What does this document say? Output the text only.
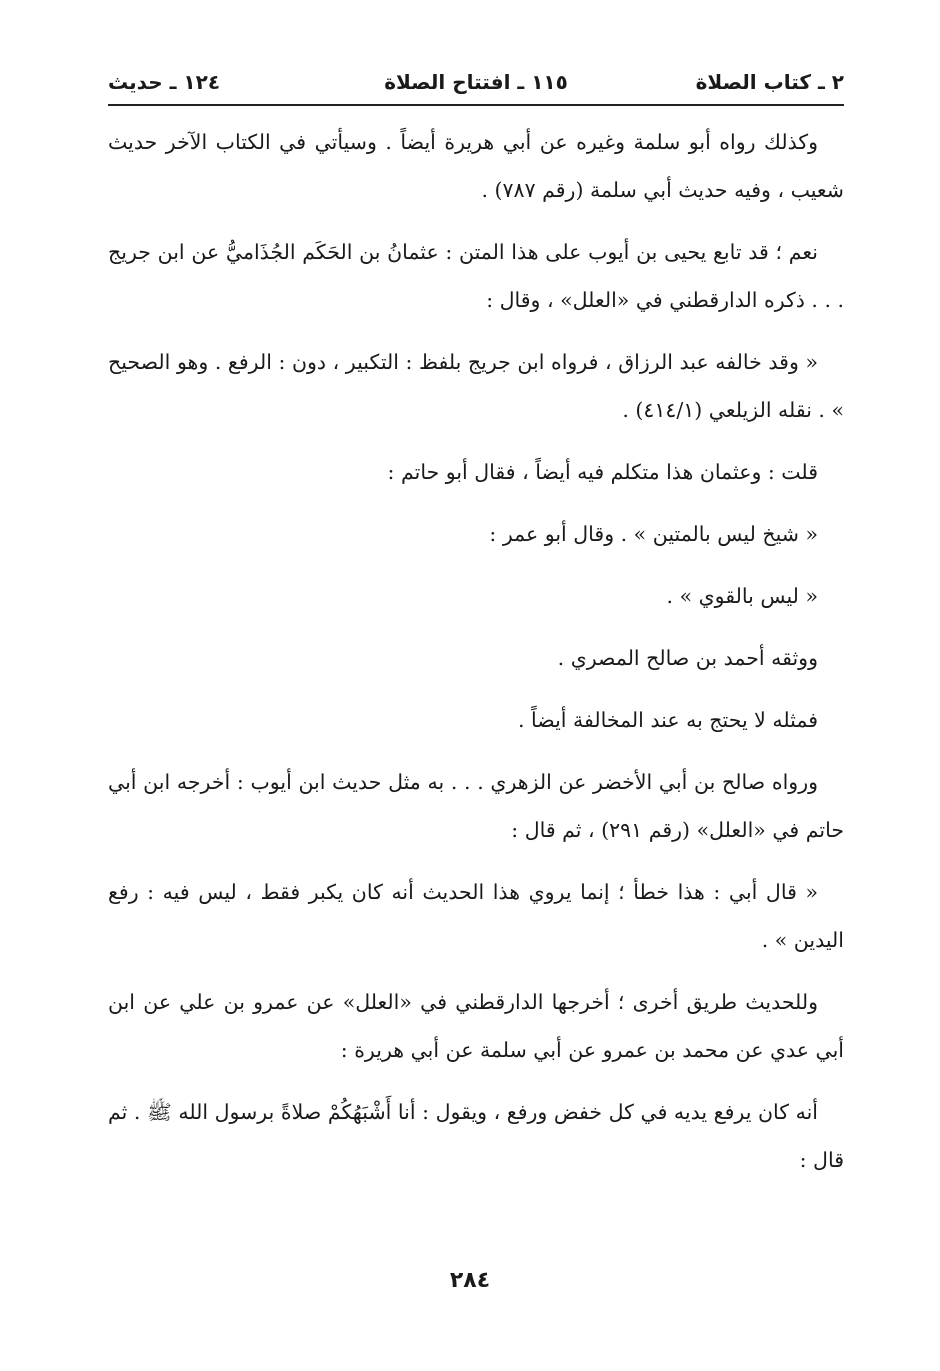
٢ ـ كتاب الصلاة
١١٥ ـ افتتاح الصلاة
١٢٤ ـ حديث

وكذلك رواه أبو سلمة وغيره عن أبي هريرة أيضاً . وسيأتي في الكتاب الآخر حديث شعيب ، وفيه حديث أبي سلمة (رقم ٧٨٧) .

نعم ؛ قد تابع يحيى بن أيوب على هذا المتن : عثمانُ بن الحَكَم الجُذَاميُّ عن ابن جريج . . . ذكره الدارقطني في «العلل» ، وقال :

« وقد خالفه عبد الرزاق ، فرواه ابن جريج بلفظ : التكبير ، دون : الرفع . وهو الصحيح » . نقله الزيلعي (٤١٤/١) .

قلت : وعثمان هذا متكلم فيه أيضاً ، فقال أبو حاتم :

« شيخ ليس بالمتين » . وقال أبو عمر :

« ليس بالقوي » .

ووثقه أحمد بن صالح المصري .

فمثله لا يحتج به عند المخالفة أيضاً .

ورواه صالح بن أبي الأخضر عن الزهري . . . به مثل حديث ابن أيوب : أخرجه ابن أبي حاتم في «العلل» (رقم ٢٩١) ، ثم قال :

« قال أبي : هذا خطأ ؛ إنما يروي هذا الحديث أنه كان يكبر فقط ، ليس فيه : رفع اليدين » .

وللحديث طريق أخرى ؛ أخرجها الدارقطني في «العلل» عن عمرو بن علي عن ابن أبي عدي عن محمد بن عمرو عن أبي سلمة عن أبي هريرة :

أنه كان يرفع يديه في كل خفض ورفع ، ويقول : أنا أَشْبَهُكُمْ صلاةً برسول الله ﷺ . ثم قال :

٢٨٤
